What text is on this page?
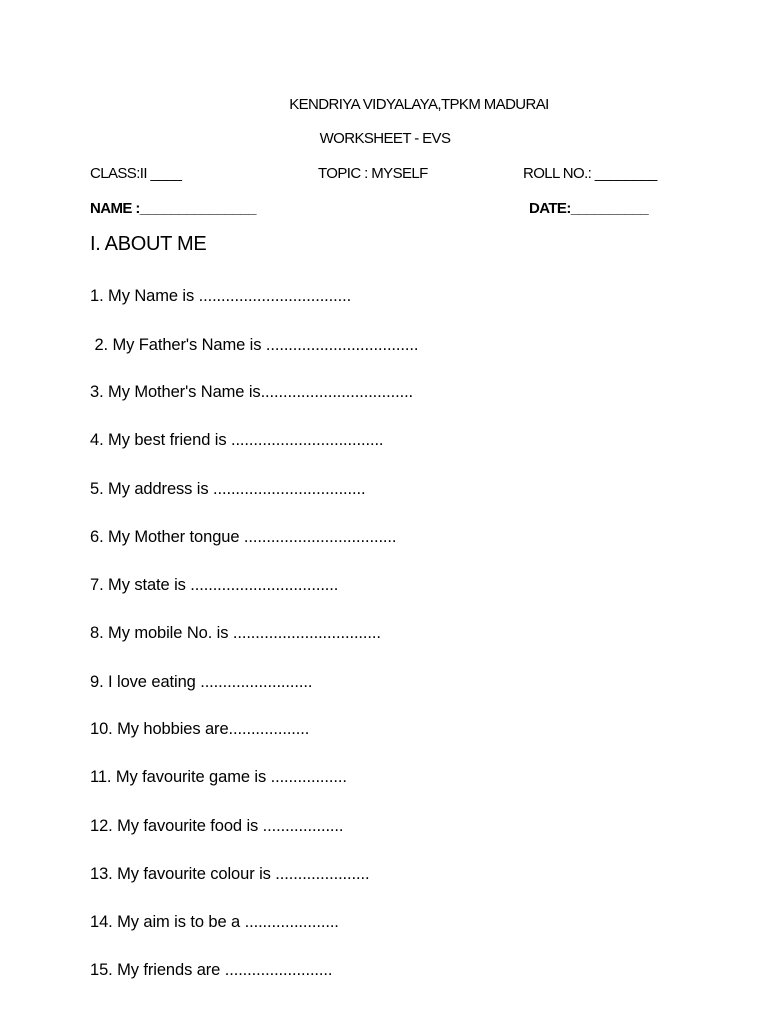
KENDRIYA VIDYALAYA,TPKM MADURAI
WORKSHEET - EVS
CLASS:II ____	TOPIC : MYSELF	ROLL NO.: ________
NAME :_______________	DATE:__________
I. ABOUT ME
1. My Name is ..................................
2. My Father's Name is ..................................
3. My Mother's Name is..................................
4. My best friend is ..................................
5. My address is ..................................
6. My Mother tongue ..................................
7. My state is .................................
8. My mobile No. is .................................
9. I love eating .........................
10. My hobbies are..................
11. My favourite game is .................
12. My favourite food is ..................
13. My favourite colour is .....................
14. My aim is to be a .....................
15. My friends are ........................
